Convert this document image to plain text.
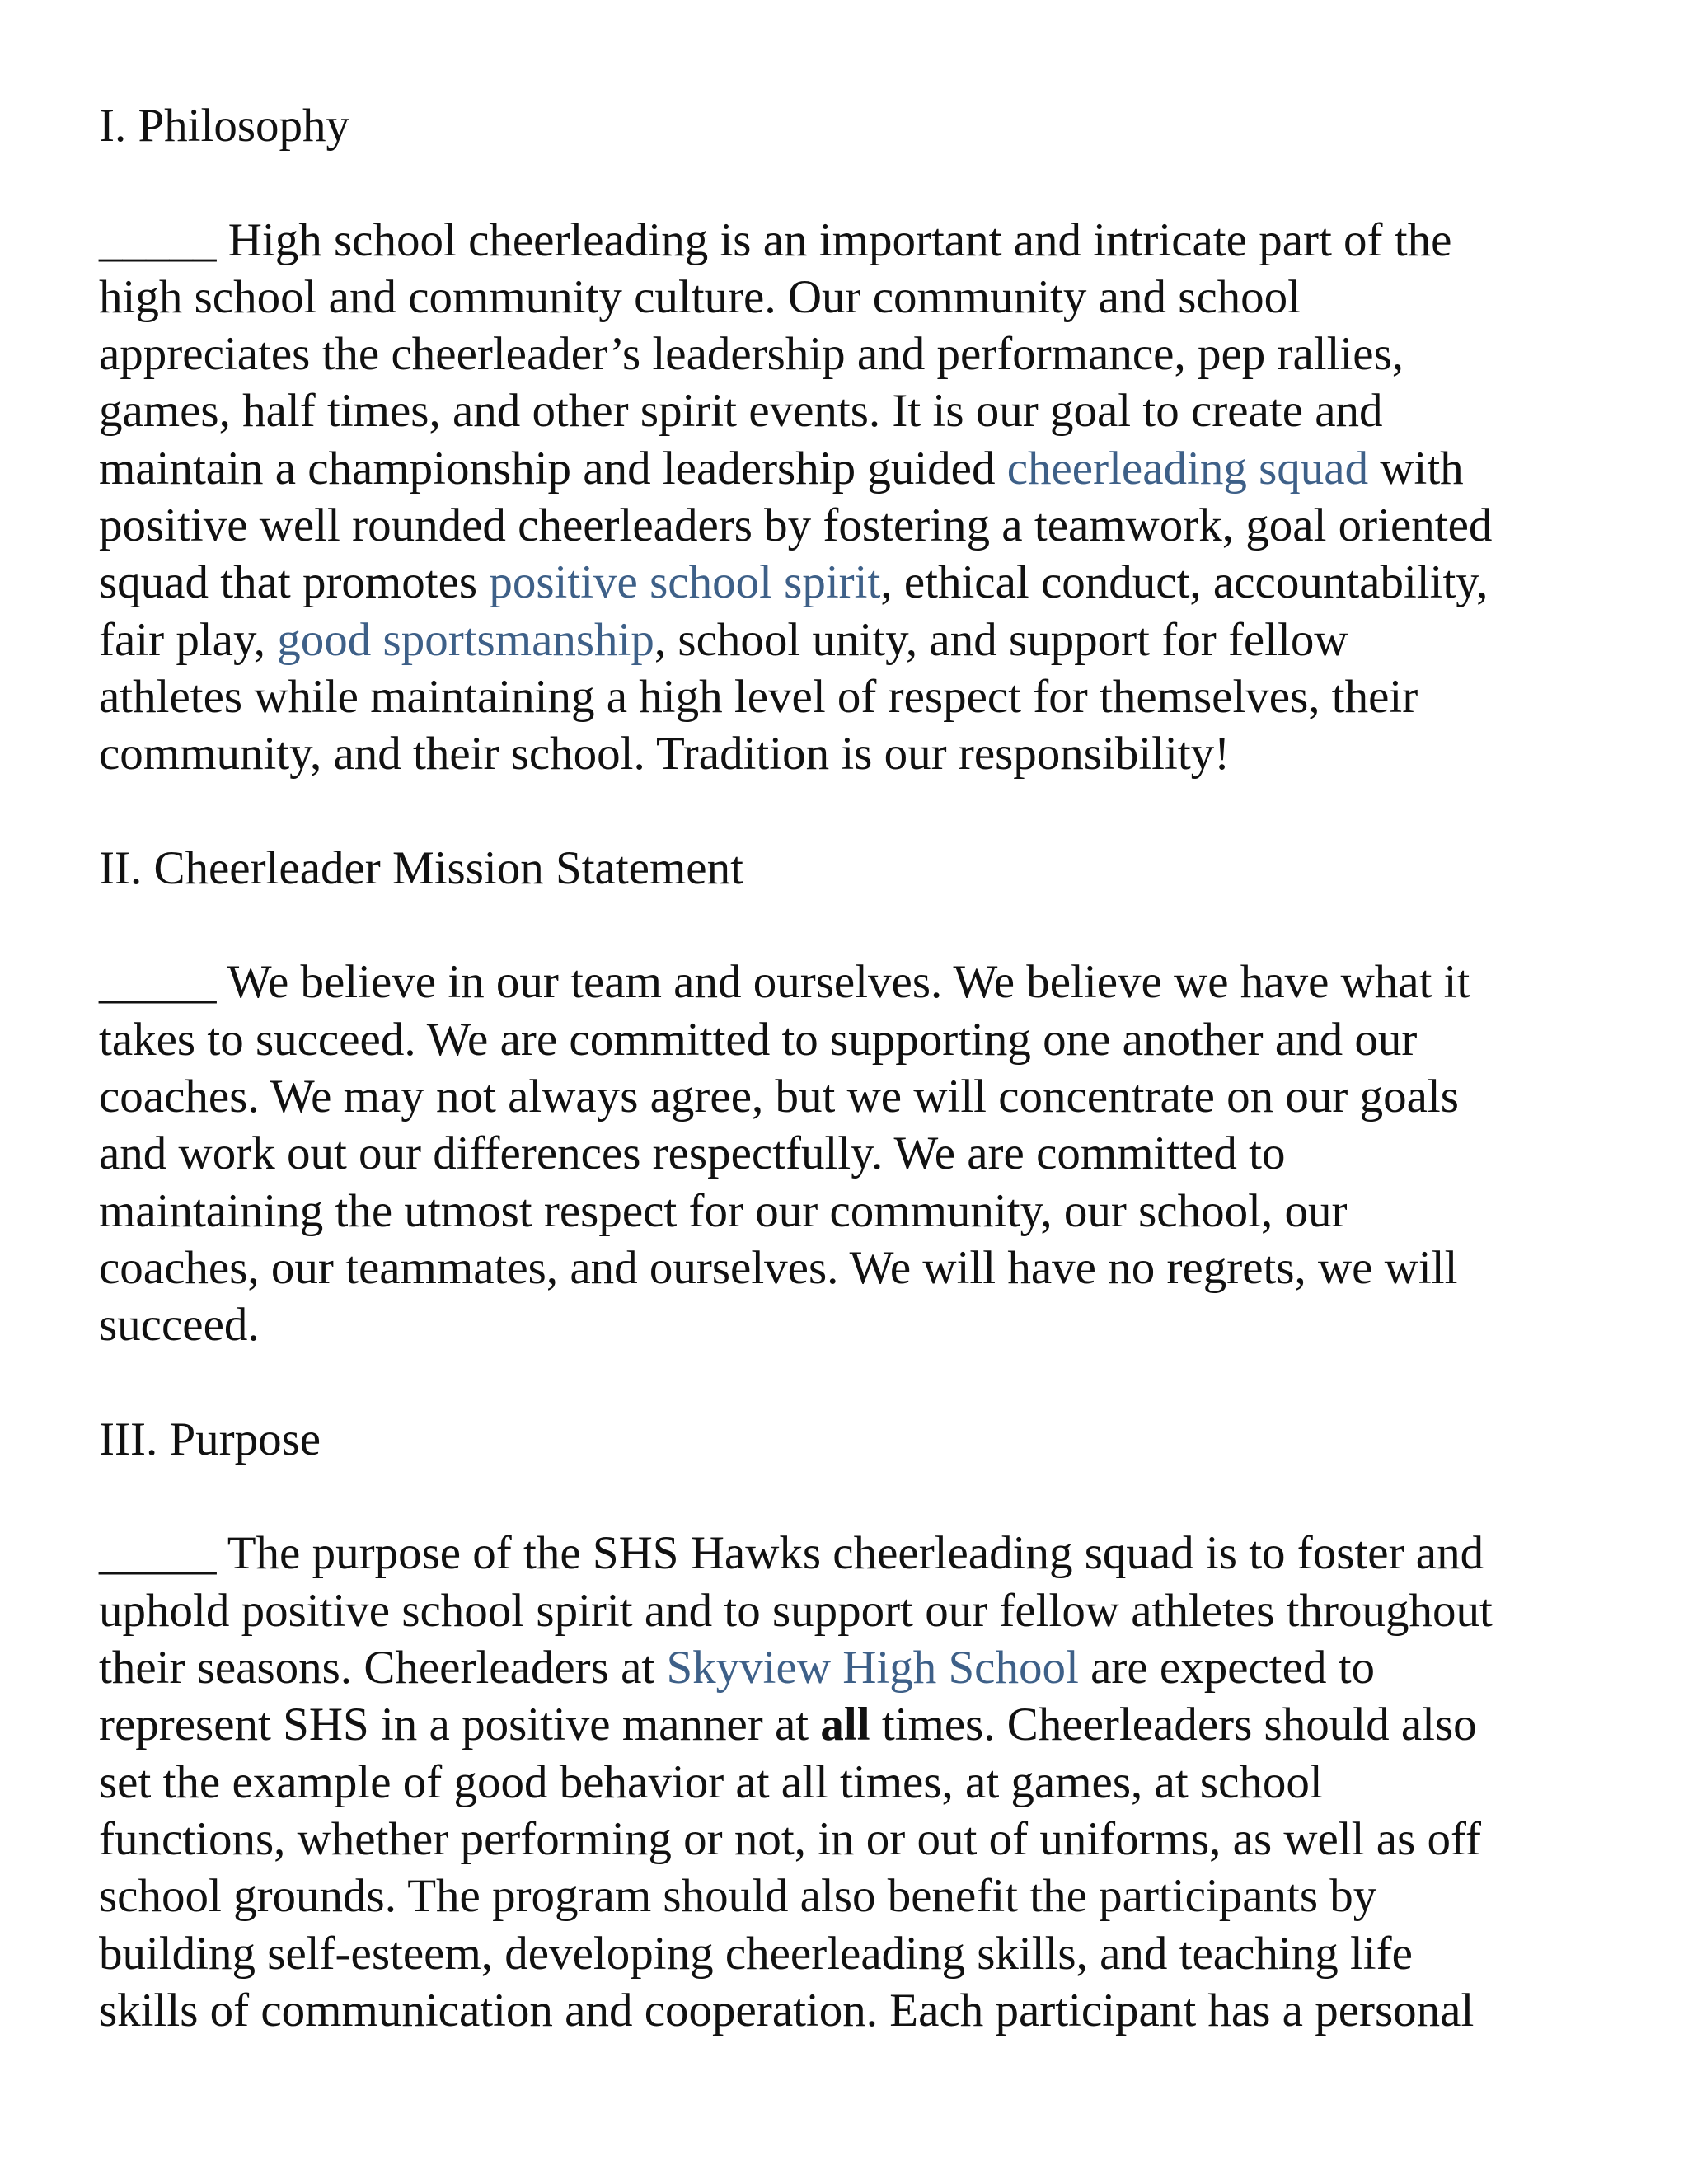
I. Philosophy

_____ High school cheerleading is an important and intricate part of the
high school and community culture. Our community and school
appreciates the cheerleader’s leadership and performance, pep rallies,
games, half times, and other spirit events. It is our goal to create and
maintain a championship and leadership guided cheerleading squad with
positive well rounded cheerleaders by fostering a teamwork, goal oriented
squad that promotes positive school spirit, ethical conduct, accountability,
fair play, good sportsmanship, school unity, and support for fellow
athletes while maintaining a high level of respect for themselves, their
community, and their school. Tradition is our responsibility!

II. Cheerleader Mission Statement

_____ We believe in our team and ourselves. We believe we have what it
takes to succeed. We are committed to supporting one another and our
coaches. We may not always agree, but we will concentrate on our goals
and work out our differences respectfully. We are committed to
maintaining the utmost respect for our community, our school, our
coaches, our teammates, and ourselves. We will have no regrets, we will
succeed.

III. Purpose

_____ The purpose of the SHS Hawks cheerleading squad is to foster and
uphold positive school spirit and to support our fellow athletes throughout
their seasons. Cheerleaders at Skyview High School are expected to
represent SHS in a positive manner at all times. Cheerleaders should also
set the example of good behavior at all times, at games, at school
functions, whether performing or not, in or out of uniforms, as well as off
school grounds. The program should also benefit the participants by
building self-esteem, developing cheerleading skills, and teaching life
skills of communication and cooperation. Each participant has a personal
